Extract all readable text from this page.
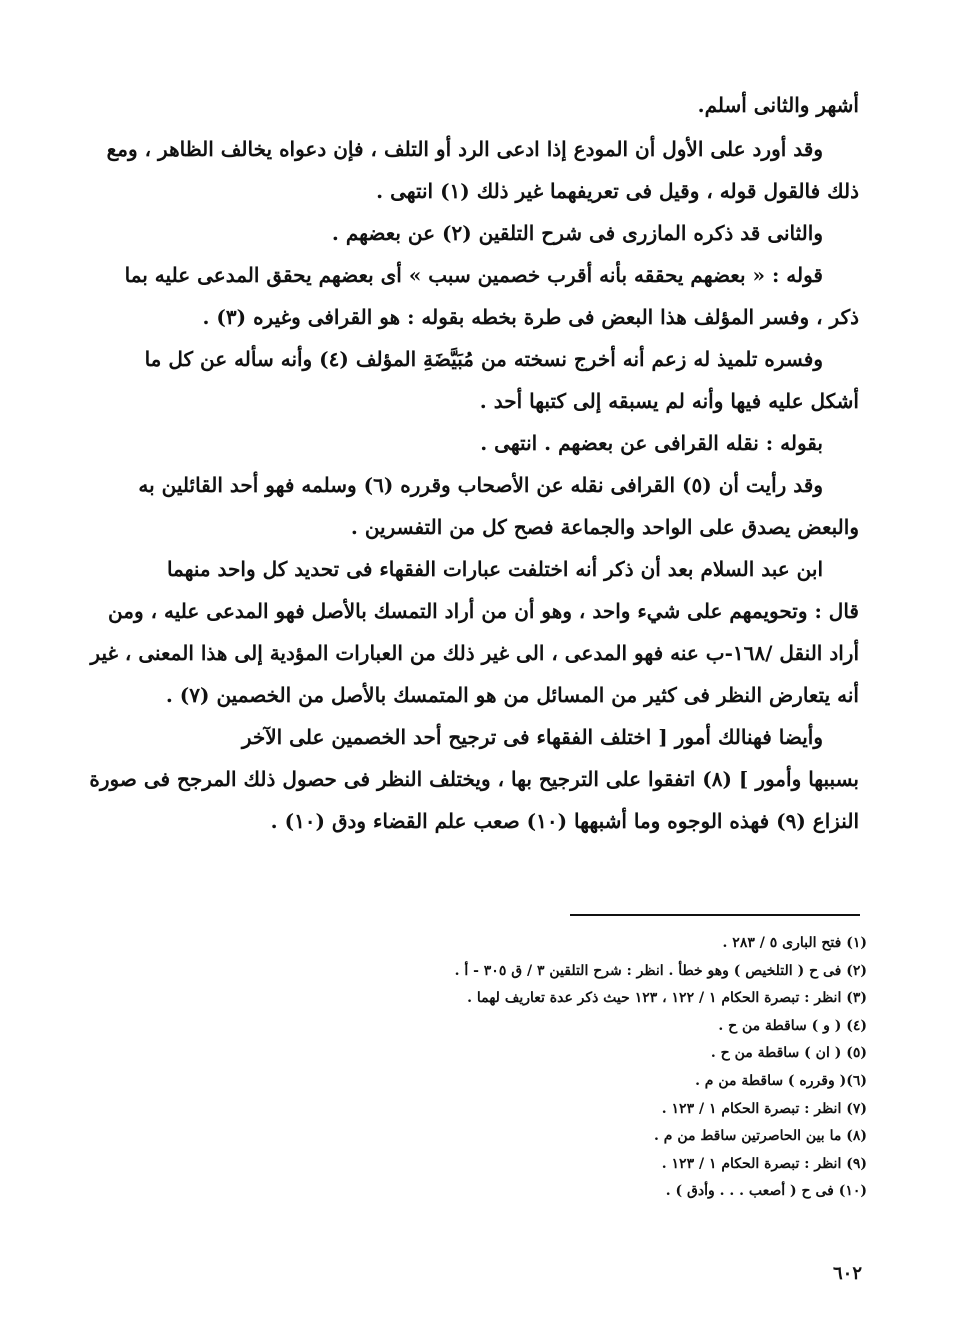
أشهر والثانى أسلم.
وقد أورد على الأول أن المودع إذا ادعى الرد أو التلف ، فإن دعواه يخالف الظاهر ، ومع
ذلك فالقول قوله ، وقيل فى تعريفهما غير ذلك (١) انتهى .
والثانى قد ذكره المازرى فى شرح التلقين (٢) عن بعضهم .
قوله : « بعضهم يحققه بأنه أقرب خصمين سبب » أى بعضهم يحقق المدعى عليه بما
ذكر ، وفسر المؤلف هذا البعض فى طرة بخطه بقوله : هو القرافى وغيره (٣) .
وفسره تلميذ له زعم أنه أخرج نسخته من مُبَيَّضَةِ المؤلف (٤) وأنه سأله عن كل ما
أشكل عليه فيها وأنه لم يسبقه إلى كتبها أحد .
بقوله : نقله القرافى عن بعضهم . انتهى .
وقد رأيت أن (٥) القرافى نقله عن الأصحاب وقرره (٦) وسلمه فهو أحد القائلين به
والبعض يصدق على الواحد والجماعة فصح كل من التفسرين .
ابن عبد السلام بعد أن ذكر أنه اختلفت عبارات الفقهاء فى تحديد كل واحد منهما
قال : وتحويمهم على شيء واحد ، وهو أن من أراد التمسك بالأصل فهو المدعى عليه ، ومن
أراد النقل /١٦٨-ب عنه فهو المدعى ، الى غير ذلك من العبارات المؤدية إلى هذا المعنى ، غير
أنه يتعارض النظر فى كثير من المسائل من هو المتمسك بالأصل من الخصمين (٧) .
وأيضا فهنالك أمور [ اختلف الفقهاء فى ترجيح أحد الخصمين على الآخر
بسببها وأمور ] (٨) اتفقوا على الترجيح بها ، ويختلف النظر فى حصول ذلك المرجح فى صورة
النزاع (٩) فهذه الوجوه وما أشبهها (١٠) صعب علم القضاء ودق (١٠) .
(١) فتح البارى ٥ / ٢٨٣ .
(٢) فى ح ( التلخيص ) وهو خطأ . انظر : شرح التلقين ٣ / ق ٣٠٥ - أ .
(٣) انظر : تبصرة الحكام ١ / ١٢٢ ، ١٢٣ حيث ذكر عدة تعاريف لهما .
(٤) ( و ) ساقطة من ح .
(٥) ( ان ) ساقطة من ح .
(٦)( وقرره ) ساقطة من م .
(٧) انظر : تبصرة الحكام ١ / ١٢٣ .
(٨) ما بين الحاصرتين ساقط من م .
(٩) انظر : تبصرة الحكام ١ / ١٢٣ .
(١٠) فى ح ( أصعب . . . وأدق ) .
٦٠٢
